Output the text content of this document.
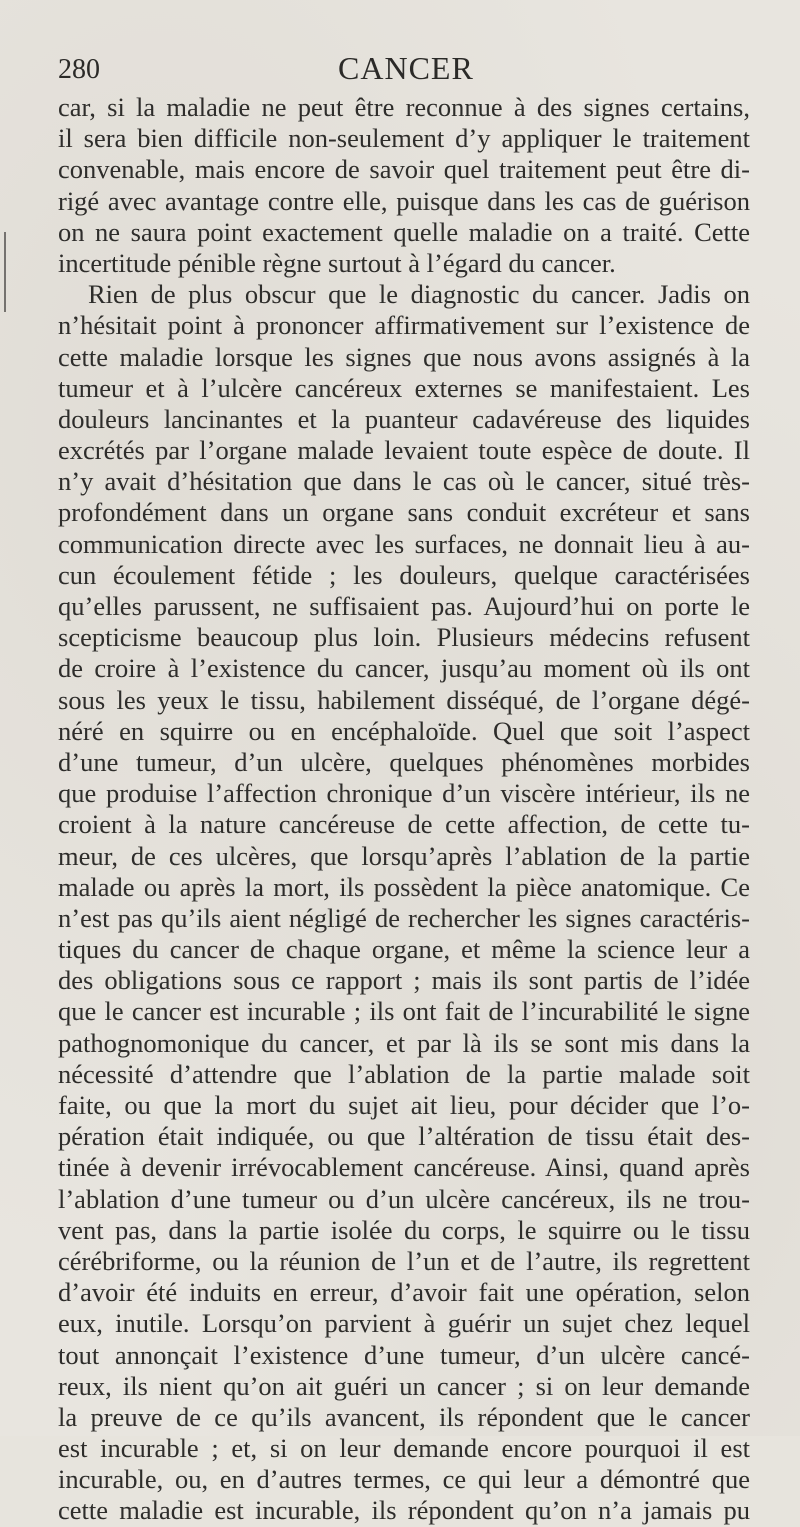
280	CANCER
car, si la maladie ne peut être reconnue à des signes certains,
il sera bien difficile non-seulement d’y appliquer le traitement
convenable, mais encore de savoir quel traitement peut être di-
rigé avec avantage contre elle, puisque dans les cas de guérison
on ne saura point exactement quelle maladie on a traité. Cette
incertitude pénible règne surtout à l’égard du cancer.
Rien de plus obscur que le diagnostic du cancer. Jadis on
n’hésitait point à prononcer affirmativement sur l’existence de
cette maladie lorsque les signes que nous avons assignés à la
tumeur et à l’ulcère cancéreux externes se manifestaient. Les
douleurs lancinantes et la puanteur cadavéreuse des liquides
excrétés par l’organe malade levaient toute espèce de doute. Il
n’y avait d’hésitation que dans le cas où le cancer, situé très-
profondément dans un organe sans conduit excréteur et sans
communication directe avec les surfaces, ne donnait lieu à au-
cun écoulement fétide ; les douleurs, quelque caractérisées
qu’elles parussent, ne suffisaient pas. Aujourd’hui on porte le
scepticisme beaucoup plus loin. Plusieurs médecins refusent
de croire à l’existence du cancer, jusqu’au moment où ils ont
sous les yeux le tissu, habilement disséqué, de l’organe dégé-
néré en squirre ou en encéphaloïde. Quel que soit l’aspect
d’une tumeur, d’un ulcère, quelques phénomènes morbides
que produise l’affection chronique d’un viscère intérieur, ils ne
croient à la nature cancéreuse de cette affection, de cette tu-
meur, de ces ulcères, que lorsqu’après l’ablation de la partie
malade ou après la mort, ils possèdent la pièce anatomique. Ce
n’est pas qu’ils aient négligé de rechercher les signes caractéris-
tiques du cancer de chaque organe, et même la science leur a
des obligations sous ce rapport ; mais ils sont partis de l’idée
que le cancer est incurable ; ils ont fait de l’incurabilité le signe
pathognomonique du cancer, et par là ils se sont mis dans la
nécessité d’attendre que l’ablation de la partie malade soit
faite, ou que la mort du sujet ait lieu, pour décider que l’o-
pération était indiquée, ou que l’altération de tissu était des-
tinée à devenir irrévocablement cancéreuse. Ainsi, quand après
l’ablation d’une tumeur ou d’un ulcère cancéreux, ils ne trou-
vent pas, dans la partie isolée du corps, le squirre ou le tissu
cérébriforme, ou la réunion de l’un et de l’autre, ils regrettent
d’avoir été induits en erreur, d’avoir fait une opération, selon
eux, inutile. Lorsqu’on parvient à guérir un sujet chez lequel
tout annonçait l’existence d’une tumeur, d’un ulcère cancé-
reux, ils nient qu’on ait guéri un cancer ; si on leur demande
la preuve de ce qu’ils avancent, ils répondent que le cancer
est incurable ; et, si on leur demande encore pourquoi il est
incurable, ou, en d’autres termes, ce qui leur a démontré que
cette maladie est incurable, ils répondent qu’on n’a jamais pu
